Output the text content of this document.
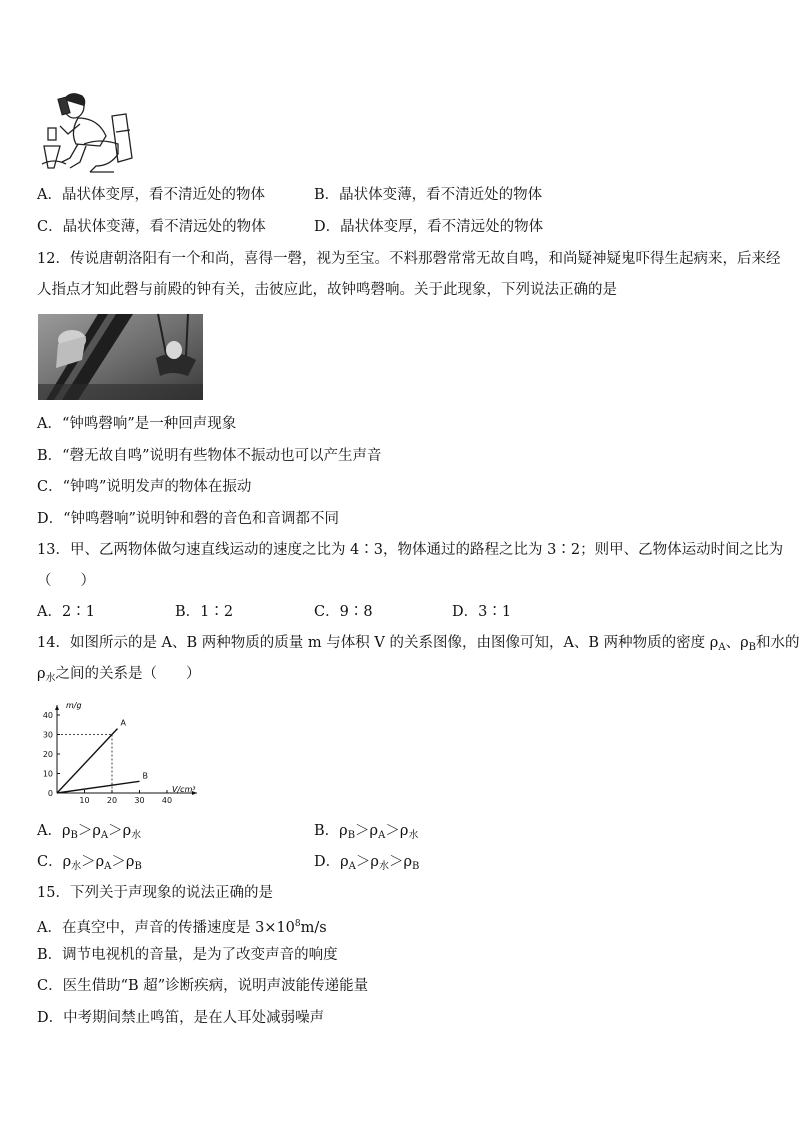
A．晶状体变厚，看不清近处的物体	B．晶状体变薄，看不清近处的物体
C．晶状体变薄，看不清远处的物体	D．晶状体变厚，看不清远处的物体
12．传说唐朝洛阳有一个和尚，喜得一磬，视为至宝。不料那磬常常无故自鸣，和尚疑神疑鬼吓得生起病来，后来经
人指点才知此磬与前殿的钟有关，击彼应此，故钟鸣磬响。关于此现象，下列说法正确的是
A．“钟鸣磬响”是一种回声现象
B．“磬无故自鸣”说明有些物体不振动也可以产生声音
C．“钟鸣”说明发声的物体在振动
D．“钟鸣磬响”说明钟和磬的音色和音调都不同
13．甲、乙两物体做匀速直线运动的速度之比为 4∶3，物体通过的路程之比为 3∶2；则甲、乙物体运动时间之比为
（　　）
A．2∶1	B．1∶2	C．9∶8	D．3∶1
14．如图所示的是 A、B 两种物质的质量 m 与体积 V 的关系图像，由图像可知，A、B 两种物质的密度 $\rho_A$、$\rho_B$和水的
$\rho_水$之间的关系是（　　）
10 20 30 40
0
10
20
30
40
A
B
m/g
V/cm³
A．$\rho_B>\rho_A>\rho_水$	B．$\rho_B>\rho_A>\rho_水$
C．$\rho_水>\rho_A>\rho_B$	D．$\rho_A>\rho_水>\rho_B$
15．下列关于声现象的说法正确的是
A．在真空中，声音的传播速度是 $3\times 10^8m/s$
B．调节电视机的音量，是为了改变声音的响度
C．医生借助“B 超”诊断疾病，说明声波能传递能量
D．中考期间禁止鸣笛，是在人耳处减弱噪声
